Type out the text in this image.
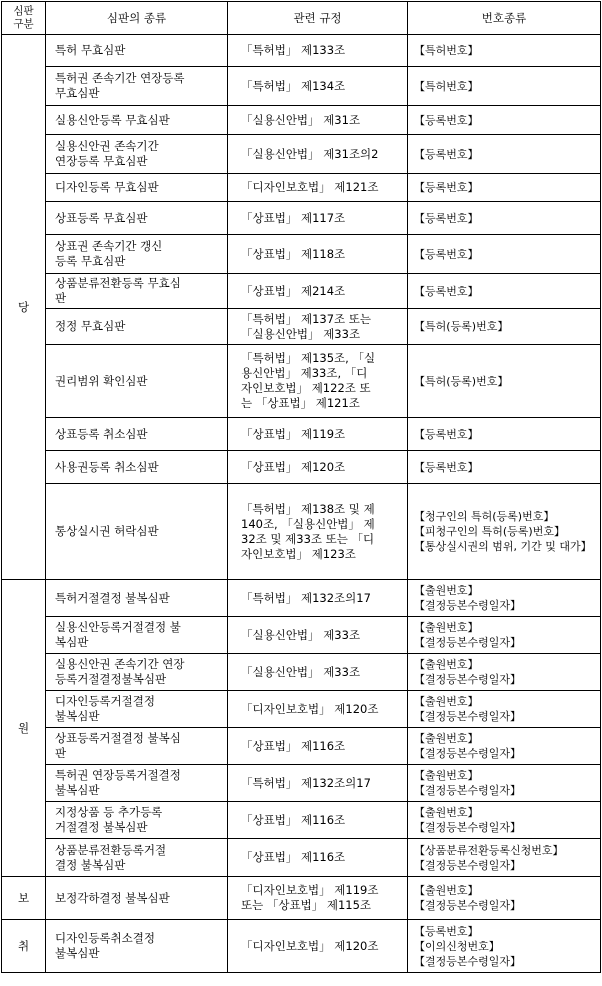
심판
구분	심판의 종류	관련 규정	번호종류
당	특허 무효심판	「특허법」 제133조	【특허번호】

	특허권 존속기간 연장등록
무효심판	「특허법」 제134조	【특허번호】

	실용신안등록 무효심판	「실용신안법」 제31조	【등록번호】

	실용신안권 존속기간
연장등록 무효심판	「실용신안법」 제31조의2	【등록번호】

	디자인등록 무효심판	「디자인보호법」 제121조	【등록번호】

	상표등록 무효심판	「상표법」 제117조	【등록번호】

	상표권 존속기간 갱신
등록 무효심판	「상표법」 제118조	【등록번호】

	상품분류전환등록 무효심
판	「상표법」 제214조	【등록번호】

	정정 무효심판	「특허법」 제137조 또는
「실용신안법」 제33조	【특허(등록)번호】

	권리범위 확인심판	「특허법」 제135조, 「실
용신안법」 제33조, 「디
자인보호법」 제122조 또
는 「상표법」 제121조	【특허(등록)번호】

	상표등록 취소심판	「상표법」 제119조	【등록번호】

	사용권등록 취소심판	「상표법」 제120조	【등록번호】

	통상실시권 허락심판	「특허법」 제138조 및 제
140조, 「실용신안법」 제
32조 및 제33조 또는 「디
자인보호법」 제123조	【청구인의 특허(등록)번호】
【피청구인의 특허(등록)번호】
【통상실시권의 범위, 기간 및 대가】

원	특허거절결정 불복심판	「특허법」 제132조의17	【출원번호】
【결정등본수령일자】

	실용신안등록거절결정 불
복심판	「실용신안법」 제33조	【출원번호】
【결정등본수령일자】

	실용신안권 존속기간 연장
등록거절결정불복심판	「실용신안법」 제33조	【출원번호】
【결정등본수령일자】

	디자인등록거절결정
불복심판	「디자인보호법」 제120조	【출원번호】
【결정등본수령일자】

	상표등록거절결정 불복심
판	「상표법」 제116조	【출원번호】
【결정등본수령일자】

	특허권 연장등록거절결정
불복심판	「특허법」 제132조의17	【출원번호】
【결정등본수령일자】

	지정상품 등 추가등록
거절결정 불복심판	「상표법」 제116조	【출원번호】
【결정등본수령일자】

	상품분류전환등록거절
결정 불복심판	「상표법」 제116조	【상품분류전환등록신청번호】
【결정등본수령일자】

보	보정각하결정 불복심판	「디자인보호법」 제119조
또는 「상표법」 제115조	【출원번호】
【결정등본수령일자】

취	디자인등록취소결정
불복심판	「디자인보호법」 제120조	【등록번호】
【이의신청번호】
【결정등본수령일자】
